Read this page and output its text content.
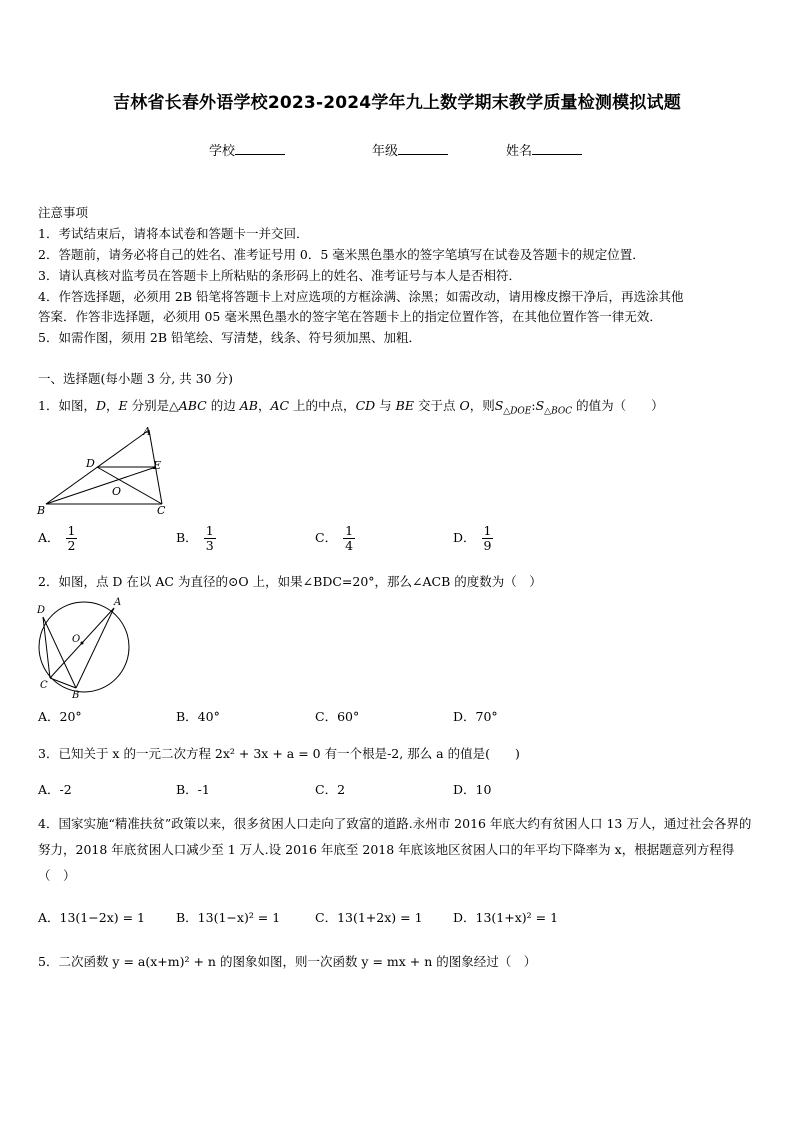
吉林省长春外语学校2023-2024学年九上数学期末教学质量检测模拟试题
学校	年级	姓名
注意事项
1．考试结束后，请将本试卷和答题卡一并交回．
2．答题前，请务必将自己的姓名、准考证号用 0．5 毫米黑色墨水的签字笔填写在试卷及答题卡的规定位置．
3．请认真核对监考员在答题卡上所粘贴的条形码上的姓名、准考证号与本人是否相符．
4．作答选择题，必须用 2B 铅笔将答题卡上对应选项的方框涂满、涂黑；如需改动，请用橡皮擦干净后，再选涂其他
答案．作答非选择题，必须用 05 毫米黑色墨水的签字笔在答题卡上的指定位置作答，在其他位置作答一律无效．
5．如需作图，须用 2B 铅笔绘、写清楚，线条、符号须加黑、加粗．
一、选择题(每小题 3 分, 共 30 分)
1．如图，D，E 分别是△ABC 的边 AB，AC 上的中点，CD 与 BE 交于点 O，则$S_{\triangle DOE}:S_{\triangle BOC}$ 的值为（　　）
A
D	E
O
B	C
A． $\frac{1}{2}$	B． $\frac{1}{3}$	C． $\frac{1}{4}$	D． $\frac{1}{9}$
2．如图，点 D 在以 AC 为直径的⊙O 上，如果∠BDC=20°，那么∠ACB 的度数为（　）
A
D
O
C
B
A．20°	B．40°	C．60°	D．70°
3．已知关于 x 的一元二次方程 2x² + 3x + a = 0 有一个根是-2, 那么 a 的值是(　　)
A．-2	B．-1	C．2	D．10
4．国家实施“精准扶贫”政策以来，很多贫困人口走向了致富的道路.永州市 2016 年底大约有贫困人口 13 万人，通过社会各界的努力，2018 年底贫困人口减少至 1 万人.设 2016 年底至 2018 年底该地区贫困人口的年平均下降率为 x，根据题意列方程得（　）
A．13(1−2x) = 1 B．13(1−x)² = 1	C．13(1+2x) = 1 D．13(1+x)² = 1
5．二次函数 y = a(x+m)² + n 的图象如图，则一次函数 y = mx + n 的图象经过（　）
